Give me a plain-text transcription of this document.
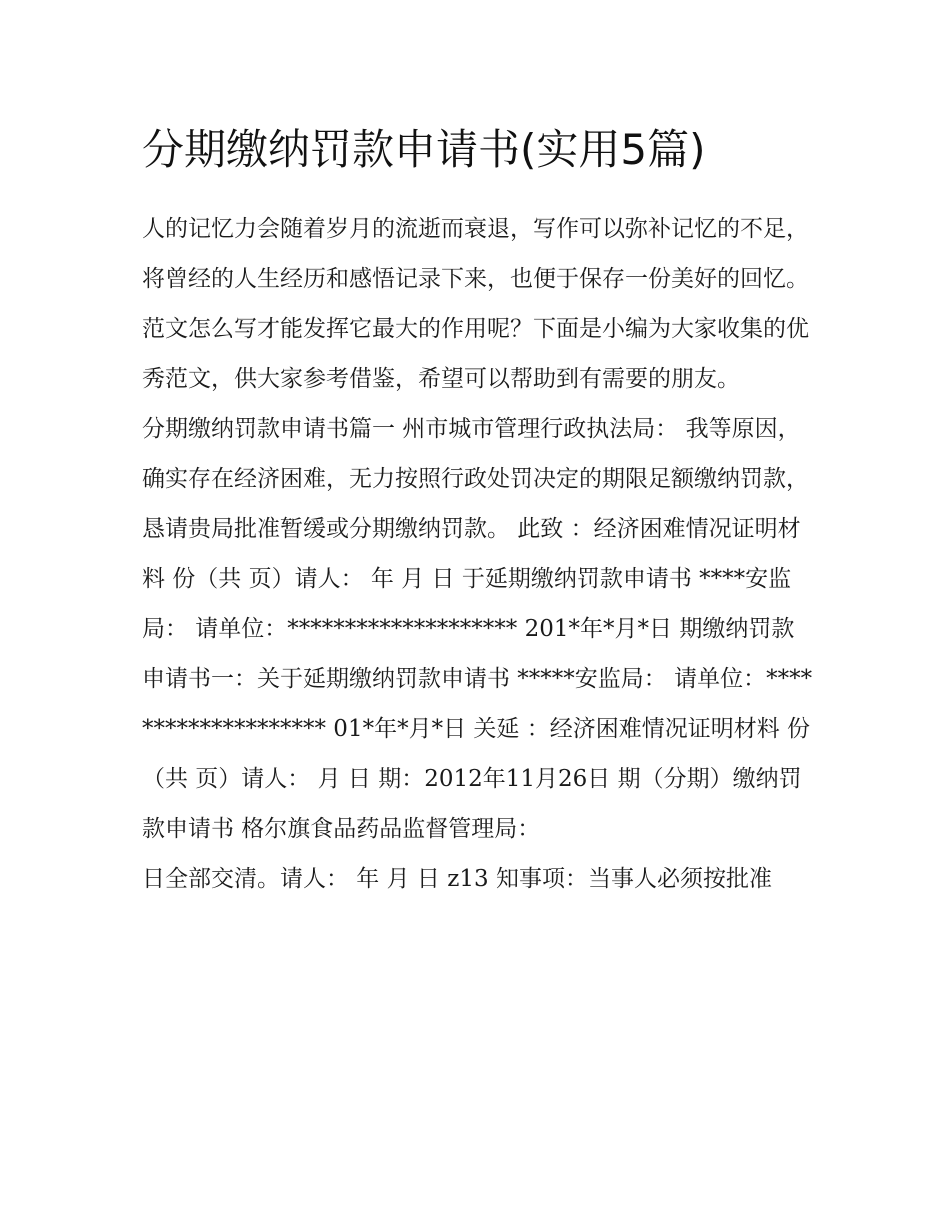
分期缴纳罚款申请书(实用5篇)

人的记忆力会随着岁月的流逝而衰退，写作可以弥补记忆的不足，将曾经的人生经历和感悟记录下来，也便于保存一份美好的回忆。范文怎么写才能发挥它最大的作用呢？下面是小编为大家收集的优秀范文，供大家参考借鉴，希望可以帮助到有需要的朋友。

分期缴纳罚款申请书篇一 州市城市管理行政执法局： 我等原因，确实存在经济困难，无力按照行政处罚决定的期限足额缴纳罚款，恳请贵局批准暂缓或分期缴纳罚款。 此致 ：经济困难情况证明材料 份（共 页）请人： 年 月 日 于延期缴纳罚款申请书 ****安监局： 请单位：******************** 201*年*月*日 期缴纳罚款申请书一：关于延期缴纳罚款申请书 *****安监局： 请单位：******************** 01*年*月*日 关延 ：经济困难情况证明材料 份（共 页）请人： 月 日 期：2012年11月26日 期（分期）缴纳罚款申请书 格尔旗食品药品监督管理局：

日全部交清。请人： 年 月 日 z13 知事项：当事人必须按批准
